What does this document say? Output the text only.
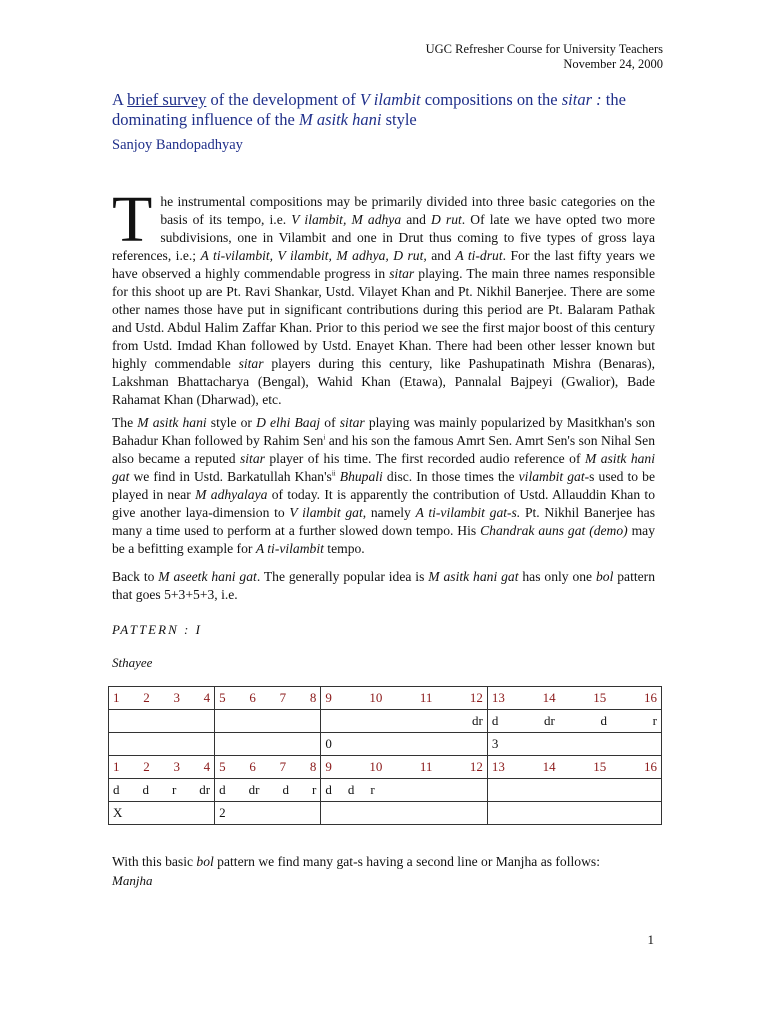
UGC Refresher Course for University Teachers
November 24, 2000
A brief survey of the development of V ilambit compositions on the sitar : the dominating influence of the M asitk hani style
Sanjoy Bandopadhyay
The instrumental compositions may be primarily divided into three basic categories on the basis of its tempo, i.e. V ilambit, M adhya and D rut. Of late we have opted two more subdivisions, one in Vilambit and one in Drut thus coming to five types of gross laya references, i.e.; A ti-vilambit, V ilambit, M adhya, D rut, and A ti-drut. For the last fifty years we have observed a highly commendable progress in sitar playing. The main three names responsible for this shoot up are Pt. Ravi Shankar, Ustd. Vilayet Khan and Pt. Nikhil Banerjee. There are some other names those have put in significant contributions during this period are Pt. Balaram Pathak and Ustd. Abdul Halim Zaffar Khan. Prior to this period we see the first major boost of this century from Ustd. Imdad Khan followed by Ustd. Enayet Khan. There had been other lesser known but highly commendable sitar players during this century, like Pashupatinath Mishra (Benaras), Lakshman Bhattacharya (Bengal), Wahid Khan (Etawa), Pannalal Bajpeyi (Gwalior), Bade Rahamat Khan (Dharwad), etc.
The M asitk hani style or D elhi Baaj of sitar playing was mainly popularized by Masitkhan's son Bahadur Khan followed by Rahim Sen$^i$ and his son the famous Amrt Sen. Amrt Sen's son Nihal Sen also became a reputed sitar player of his time. The first recorded audio reference of M asitk hani gat we find in Ustd. Barkatullah $Khan's^{ii}$ Bhupali disc. In those times the vilambit gat-s used to be played in near M adhyalaya of today. It is apparently the contribution of Ustd. Allauddin Khan to give another laya-dimension to V ilambit gat, namely A ti-vilambit gat-s. Pt. Nikhil Banerjee has many a time used to perform at a further slowed down tempo. His Chandrak auns gat (demo) may be a befitting example for A ti-vilambit tempo.
Back to M aseetk hani gat. The generally popular idea is M asitk hani gat has only one bol pattern that goes 5+3+5+3, i.e.
PATTERN : I
Sthayee
1 2 3 4	5 6 7 8	9 10 11 12	13 14 15 16

		dr	d dr d r

		0	3

1 2 3 4	5 6 7 8	9 10 11 12	13 14 15 16

d d r dr	d dr d r	d d r	

X	2		
With this basic bol pattern we find many gat-s having a second line or Manjha as follows:
Manjha
1
